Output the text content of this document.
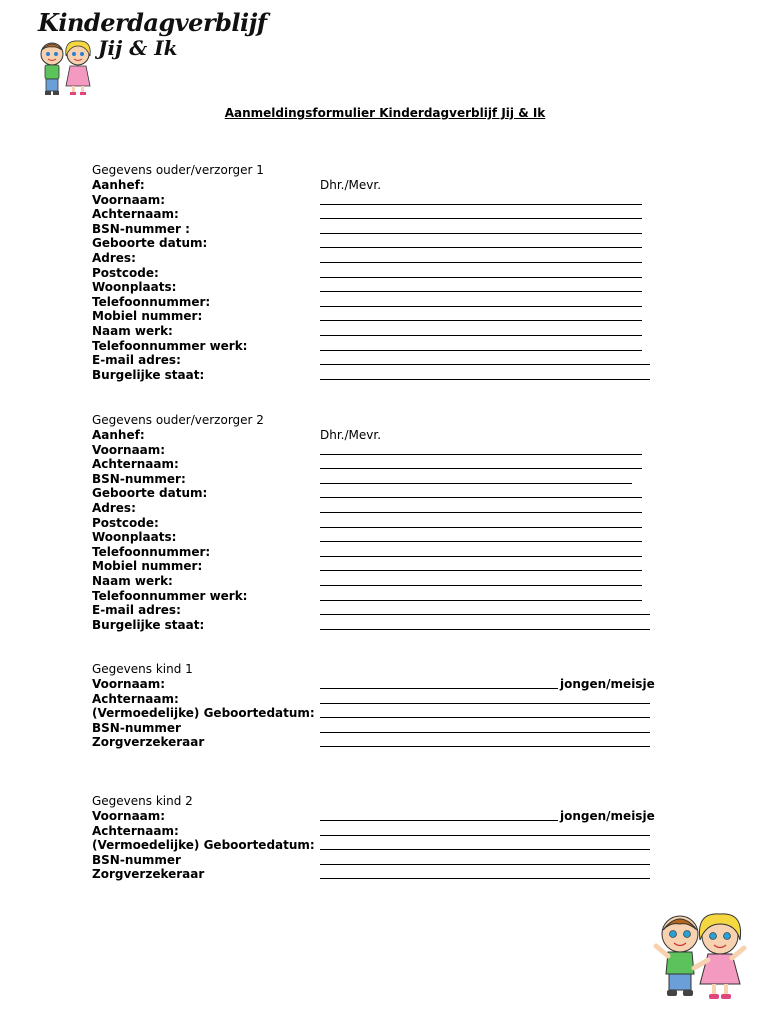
Kinderdagverblijf
Jij & Ik
Aanmeldingsformulier Kinderdagverblijf Jij & Ik
Gegevens ouder/verzorger 1
Aanhef:	Dhr./Mevr.
Voornaam:
Achternaam:
BSN-nummer :
Geboorte datum:
Adres:
Postcode:
Woonplaats:
Telefoonnummer:
Mobiel nummer:
Naam werk:
Telefoonnummer werk:
E-mail adres:
Burgelijke staat:
Gegevens ouder/verzorger 2
Aanhef:	Dhr./Mevr.
Voornaam:
Achternaam:
BSN-nummer:
Geboorte datum:
Adres:
Postcode:
Woonplaats:
Telefoonnummer:
Mobiel nummer:
Naam werk:
Telefoonnummer werk:
E-mail adres:
Burgelijke staat:
Gegevens kind 1
Voornaam:	jongen/meisje
Achternaam:
(Vermoedelijke) Geboortedatum:
BSN-nummer
Zorgverzekeraar
Gegevens kind 2
Voornaam:	jongen/meisje
Achternaam:
(Vermoedelijke) Geboortedatum:
BSN-nummer
Zorgverzekeraar
